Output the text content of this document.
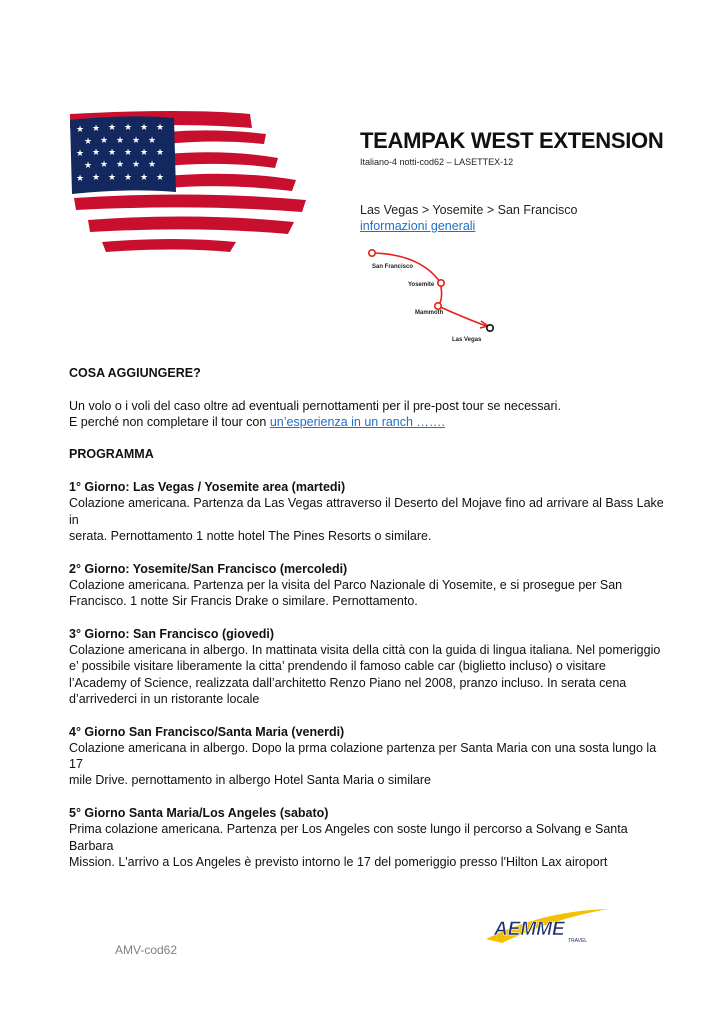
★ ★ ★ ★ ★ ★
★ ★ ★ ★ ★
★ ★ ★ ★ ★ ★
★ ★ ★ ★ ★
★ ★ ★ ★ ★ ★
TEAMPAK WEST EXTENSION
Italiano-4 notti-cod62 – LASETTEX-12
Las Vegas > Yosemite > San Francisco
informazioni generali
San Francisco
Yosemite
Mammoth
Las Vegas

COSA AGGIUNGERE?

Un volo o i voli del caso oltre ad eventuali pernottamenti per il pre-post tour se necessari.

E perché non completare il tour con un’esperienza in un ranch …….

PROGRAMMA

1° Giorno: Las Vegas / Yosemite area (martedi)

Colazione americana. Partenza da Las Vegas attraverso il Deserto del Mojave fino ad arrivare al Bass Lake in

serata. Pernottamento 1 notte hotel The Pines Resorts o similare.

2° Giorno: Yosemite/San Francisco (mercoledi)

Colazione americana. Partenza per la visita del Parco Nazionale di Yosemite, e si prosegue per San

Francisco. 1 notte Sir Francis Drake o similare. Pernottamento.

3° Giorno: San Francisco (giovedi)

Colazione americana in albergo. In mattinata visita della città con la guida di lingua italiana. Nel pomeriggio

e’ possibile visitare liberamente la citta’ prendendo il famoso cable car (biglietto incluso) o visitare

l’Academy of Science, realizzata dall’architetto Renzo Piano nel 2008, pranzo incluso. In serata cena

d’arrivederci in un ristorante locale

4° Giorno San Francisco/Santa Maria (venerdi)

Colazione americana in albergo. Dopo la prma colazione partenza per Santa Maria con una sosta lungo la 17

mile Drive. pernottamento in albergo Hotel Santa Maria o similare

5° Giorno Santa Maria/Los Angeles (sabato)

Prima colazione americana. Partenza per Los Angeles con soste lungo il percorso a Solvang e Santa Barbara

Mission. L'arrivo a Los Angeles è previsto intorno le 17 del pomeriggio presso l'Hilton Lax airoport

AEMME
TRAVEL
AMV-cod62
